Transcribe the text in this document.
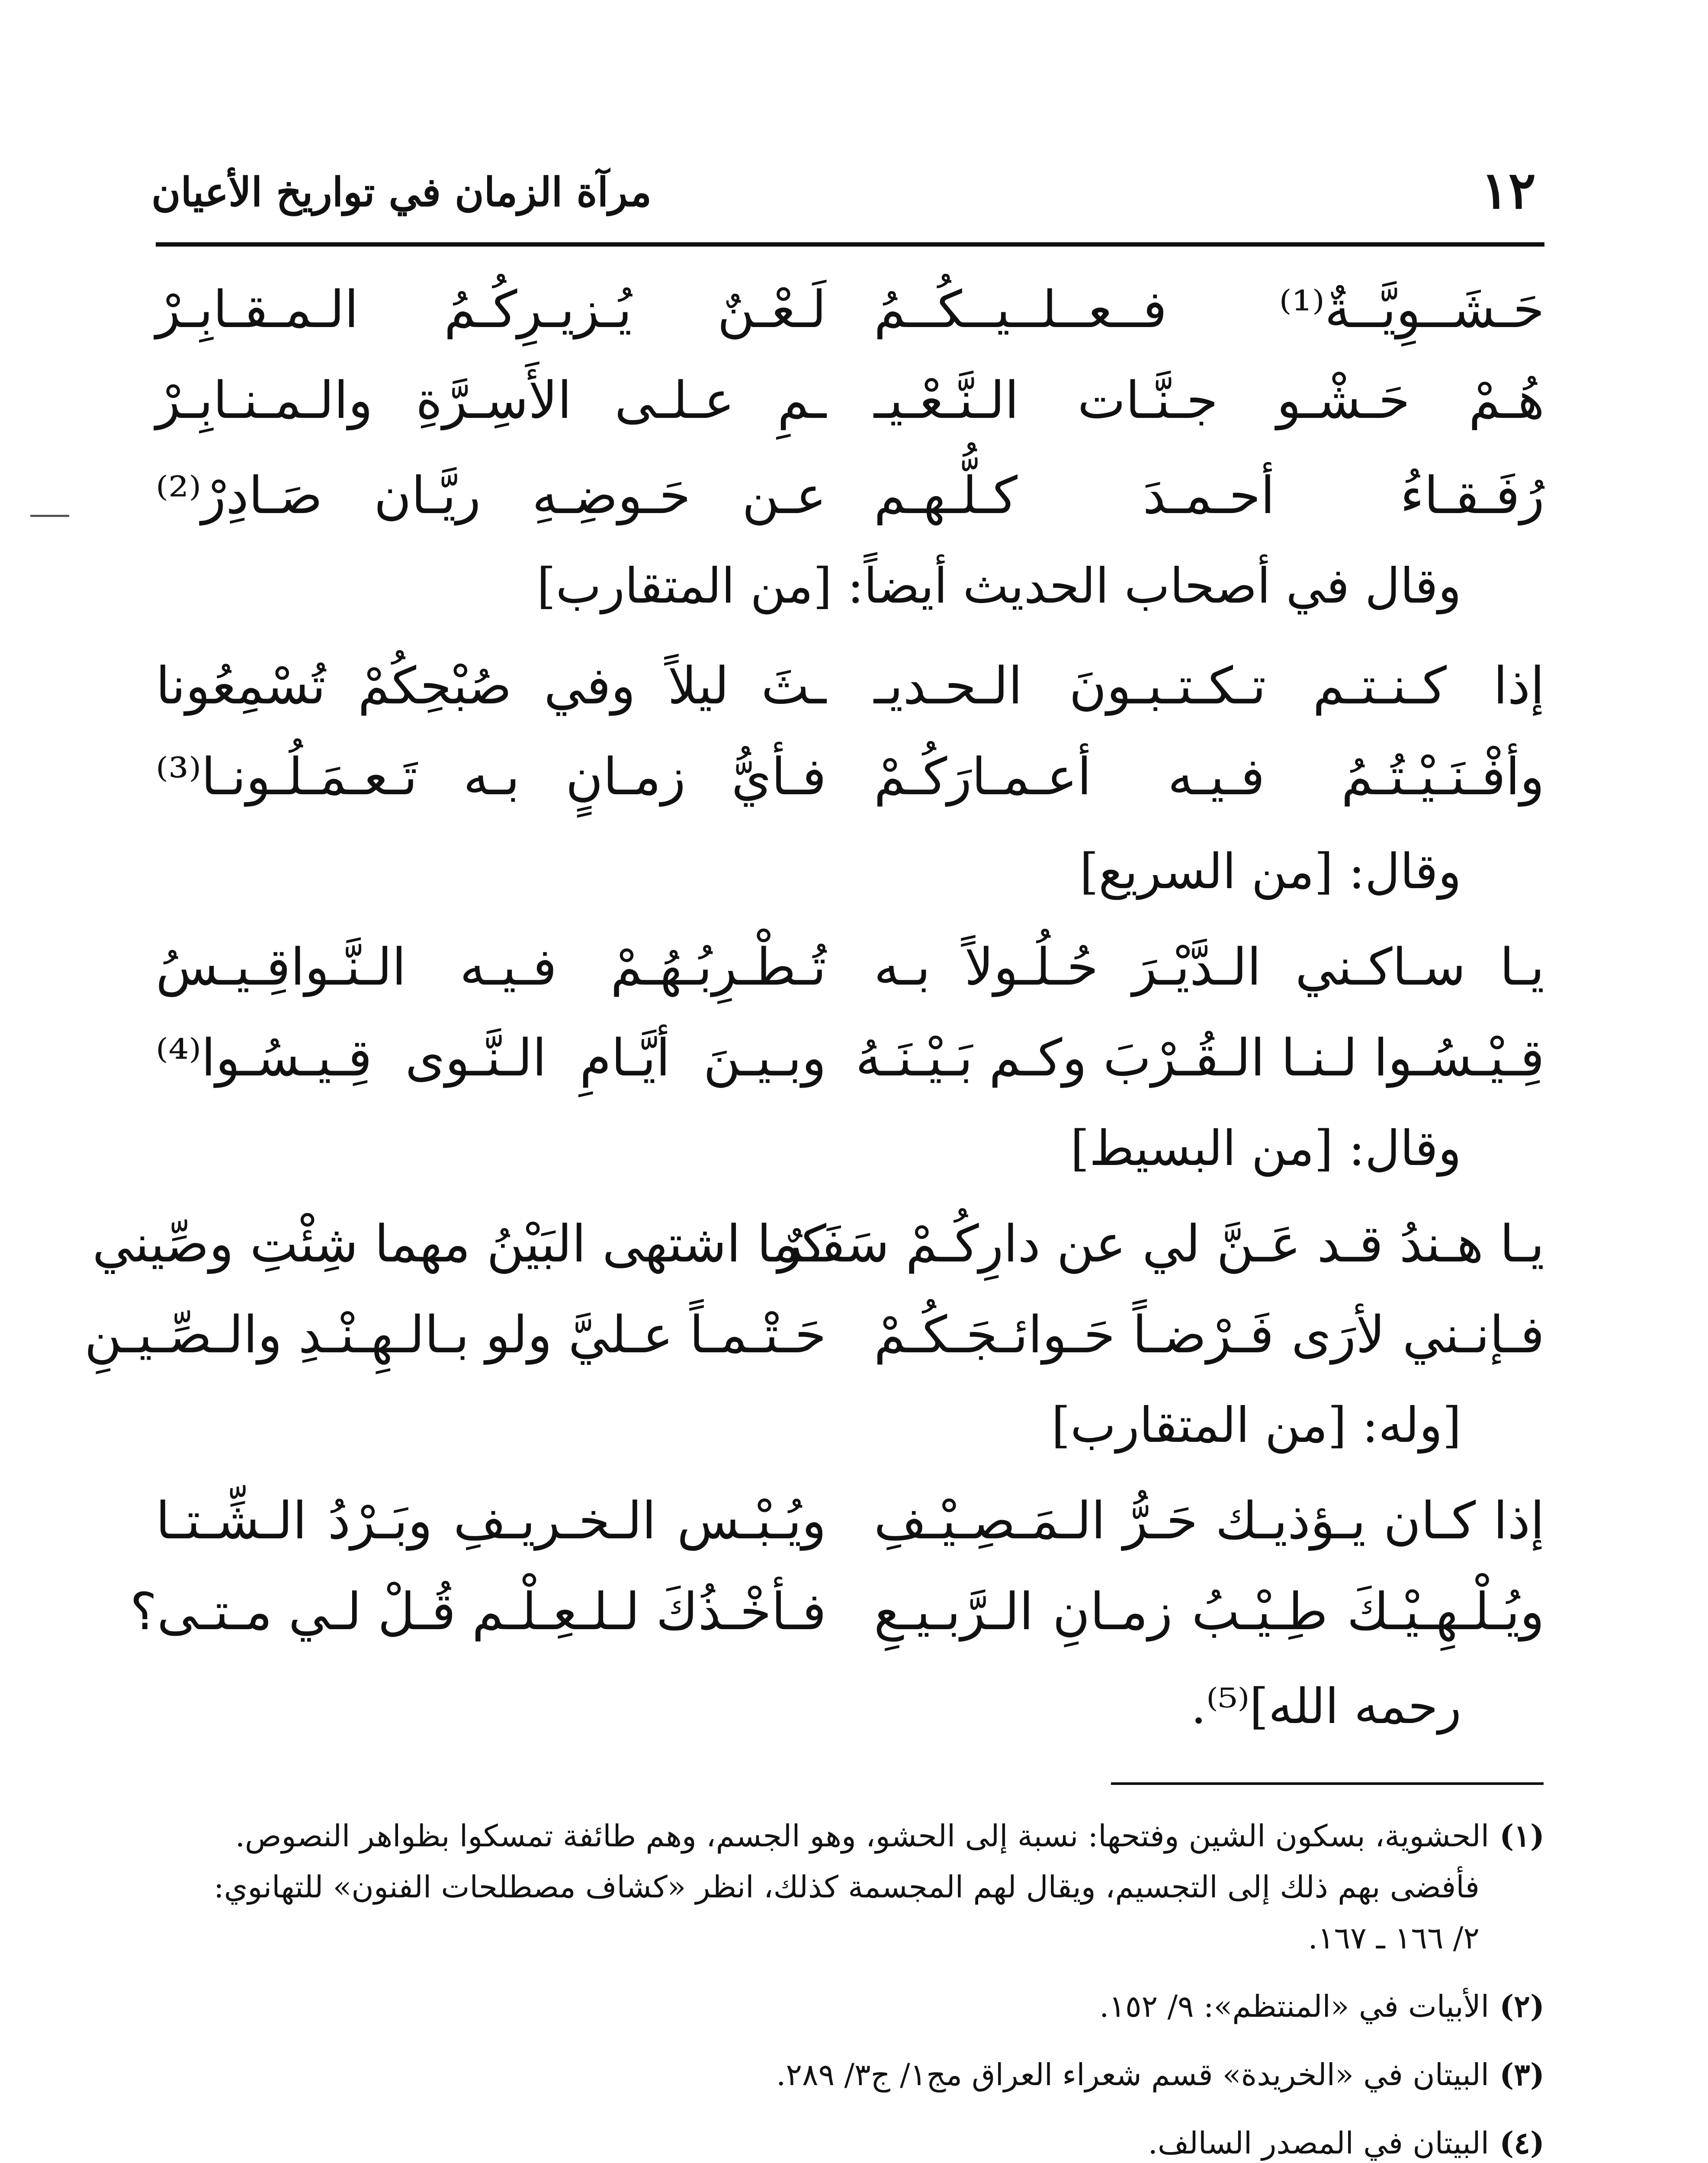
١٢
مرآة الزمان في تواريخ الأعيان
حَـشَــوِيَّــةٌ⁽¹⁾ فــعــلــيــكُــمُ
لَـعْـنٌ يُـزيـرِكُـمُ الـمـقـابِـرْ
هُـمْ حَـشْـو جـنَّـات الـنَّـعْـيـ
ـمِ عـلـى الأَسِـرَّةِ والـمـنـابِـرْ
رُفَـقـاءُ أحـمـدَ كـلُّـهـم
عـن حَـوضِـهِ ريَّـان صَـادِرْ⁽²⁾
وقال في أصحاب الحديث أيضاً: [من المتقارب]
إذا كـنـتـم تـكـتـبـونَ الـحـديـ
ـثَ ليلاً وفي صُبْحِكُمْ تُسْمِعُونا
وأفْـنَـيْـتُـمُ فـيـه أعـمـارَكُـمْ
فـأيُّ زمـانٍ بـه تَـعـمَـلُـونـا⁽³⁾
وقال: [من السريع]
يـا سـاكـني الـدَّيْـرَ حُـلُـولاً بـه
تُـطْـرِبُـهُـمْ فـيـه الـنَّـواقِـيـسُ
قِـيْـسُـوا لـنـا الـقُـرْبَ وكـم بَـيْـنَـهُ
وبـيـنَ أيَّـامِ الـنَّـوى قِـيـسُـوا⁽⁴⁾
وقال: [من البسيط]
يـا هـندُ قـد عَـنَّ لي عن دارِكُـمْ سَفَـرٌ
كما اشتهى البَيْنُ مهما شِئْتِ وصِّيني
فـإنـني لأرَى فَـرْضـاً حَـوائـجَـكُـمْ
حَـتْـمـاً عـليَّ ولو بـالـهِـنْـدِ والـصِّـيـنِ
[وله: [من المتقارب]
إذا كـان يـؤذيـك حَـرُّ الـمَـصِـيْـفِ
ويُـبْـس الـخـريـفِ وبَـرْدُ الـشِّـتـا
ويُـلْـهِـيْـكَ طِـيْـبُ زمـانِ الـرَّبـيـعِ
فـأخْـذُكَ لـلـعِـلْـم قُـلْ لـي مـتـى؟
رحمه الله]⁽⁵⁾.
(١)الحشوية، بسكون الشين وفتحها: نسبة إلى الحشو، وهو الجسم، وهم طائفة تمسكوا بظواهر النصوص.
فأفضى بهم ذلك إلى التجسيم، ويقال لهم المجسمة كذلك، انظر «كشاف مصطلحات الفنون» للتهانوي:
٢/ ١٦٦ ـ ١٦٧.
(٢)الأبيات في «المنتظم»: ٩/ ١٥٢.
(٣)البيتان في «الخريدة» قسم شعراء العراق مج١/ ج٣/ ٢٨٩.
(٤)البيتان في المصدر السالف.
